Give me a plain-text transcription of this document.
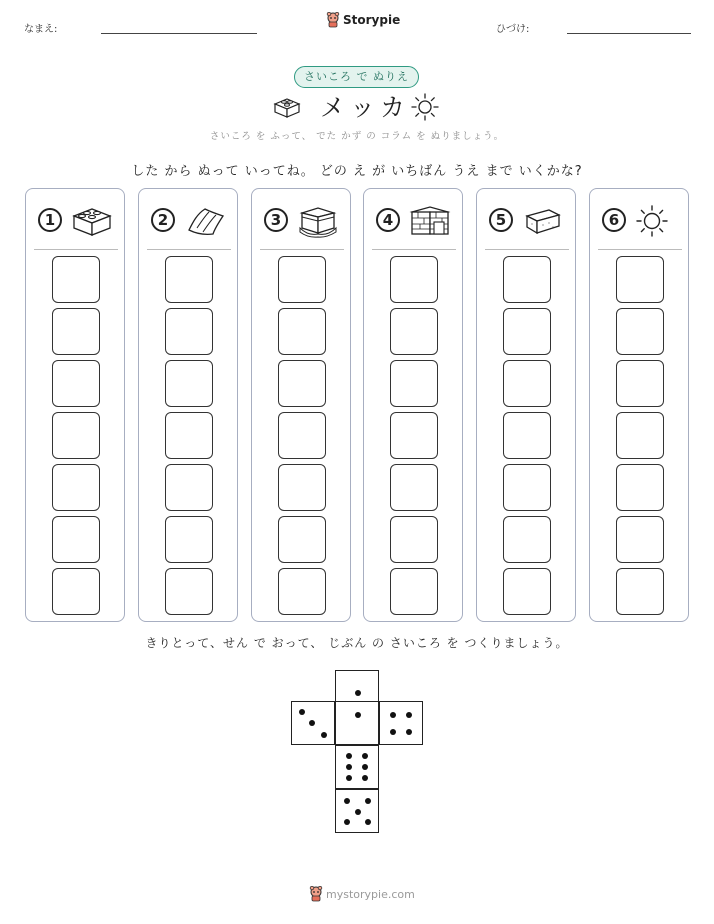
なまえ:
Storypie
ひづけ:
さいころ で ぬりえ
メッカ
さいころ を ふって、 でた かず の コラム を ぬりましょう。
した から ぬって いってね。 どの え が いちばん うえ まで いくかな?
1	2	3	4	5	6
きりとって、せん で おって、 じぶん の さいころ を つくりましょう。
mystorypie.com
